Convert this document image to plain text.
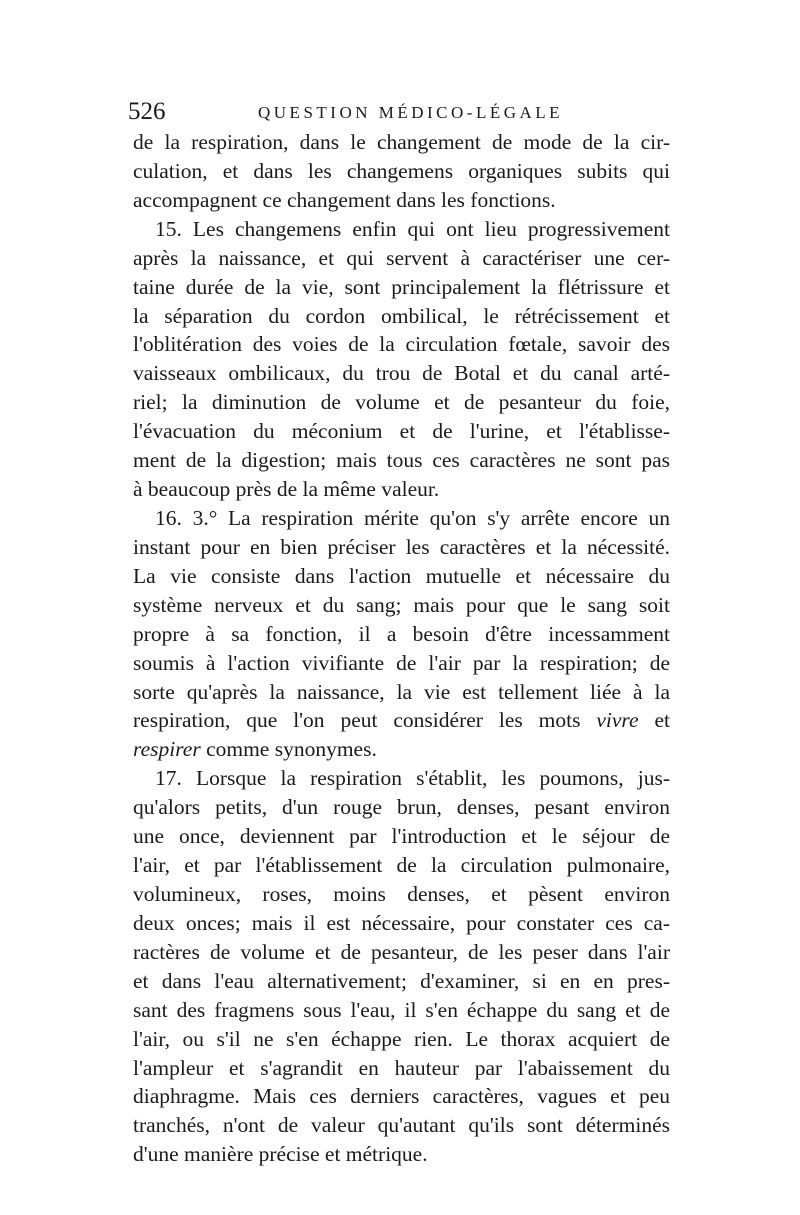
526	QUESTION MÉDICO-LÉGALE
de la respiration, dans le changement de mode de la cir-
culation, et dans les changemens organiques subits qui
accompagnent ce changement dans les fonctions.
15. Les changemens enfin qui ont lieu progressivement
après la naissance, et qui servent à caractériser une cer-
taine durée de la vie, sont principalement la flétrissure et
la séparation du cordon ombilical, le rétrécissement et
l'oblitération des voies de la circulation fœtale, savoir des
vaisseaux ombilicaux, du trou de Botal et du canal arté-
riel; la diminution de volume et de pesanteur du foie,
l'évacuation du méconium et de l'urine, et l'établisse-
ment de la digestion; mais tous ces caractères ne sont pas
à beaucoup près de la même valeur.
16. 3.° La respiration mérite qu'on s'y arrête encore un
instant pour en bien préciser les caractères et la nécessité.
La vie consiste dans l'action mutuelle et nécessaire du
système nerveux et du sang; mais pour que le sang soit
propre à sa fonction, il a besoin d'être incessamment
soumis à l'action vivifiante de l'air par la respiration; de
sorte qu'après la naissance, la vie est tellement liée à la
respiration, que l'on peut considérer les mots vivre et
respirer comme synonymes.
17. Lorsque la respiration s'établit, les poumons, jus-
qu'alors petits, d'un rouge brun, denses, pesant environ
une once, deviennent par l'introduction et le séjour de
l'air, et par l'établissement de la circulation pulmonaire,
volumineux, roses, moins denses, et pèsent environ
deux onces; mais il est nécessaire, pour constater ces ca-
ractères de volume et de pesanteur, de les peser dans l'air
et dans l'eau alternativement; d'examiner, si en en pres-
sant des fragmens sous l'eau, il s'en échappe du sang et de
l'air, ou s'il ne s'en échappe rien. Le thorax acquiert de
l'ampleur et s'agrandit en hauteur par l'abaissement du
diaphragme. Mais ces derniers caractères, vagues et peu
tranchés, n'ont de valeur qu'autant qu'ils sont déterminés
d'une manière précise et métrique.
